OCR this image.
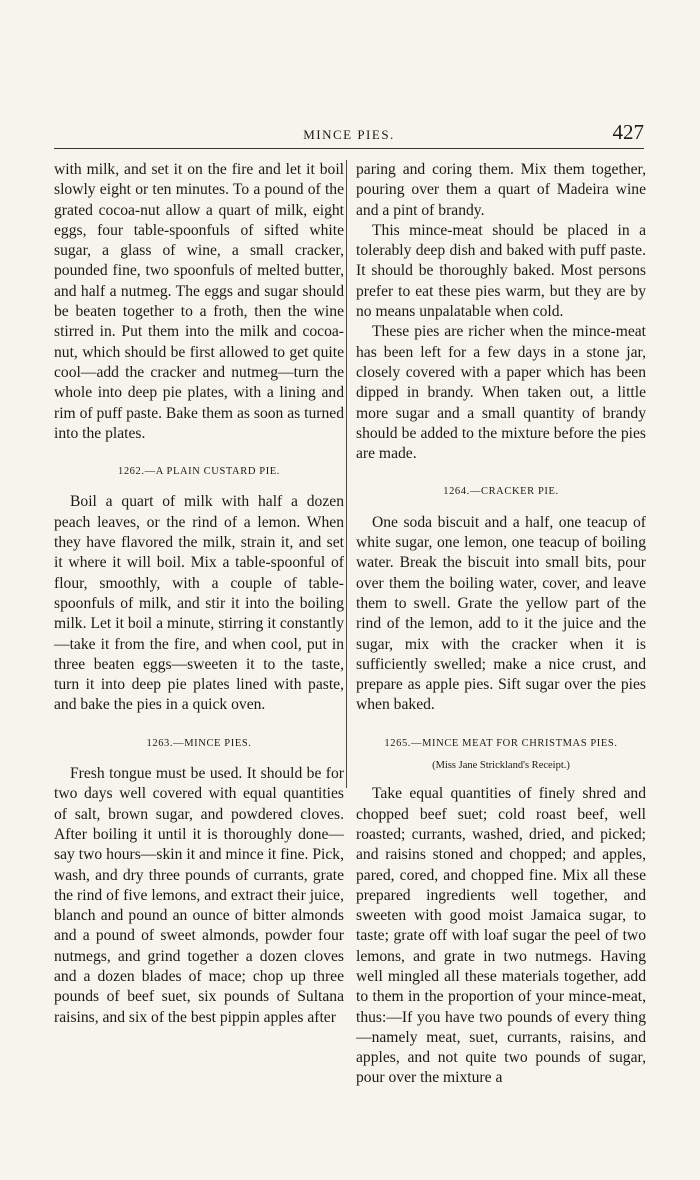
MINCE PIES.	427

with milk, and set it on the fire and let it boil slowly eight or ten minutes. To a pound of the grated cocoa-nut allow a quart of milk, eight eggs, four table-spoonfuls of sifted white sugar, a glass of wine, a small cracker, pounded fine, two spoonfuls of melted butter, and half a nutmeg. The eggs and sugar should be beaten together to a froth, then the wine stirred in. Put them into the milk and cocoa-nut, which should be first allowed to get quite cool—add the cracker and nutmeg—turn the whole into deep pie plates, with a lining and rim of puff paste. Bake them as soon as turned into the plates.

1262.—A PLAIN CUSTARD PIE.

Boil a quart of milk with half a dozen peach leaves, or the rind of a lemon. When they have flavored the milk, strain it, and set it where it will boil. Mix a table-spoonful of flour, smoothly, with a couple of table-spoonfuls of milk, and stir it into the boiling milk. Let it boil a minute, stirring it constantly—take it from the fire, and when cool, put in three beaten eggs—sweeten it to the taste, turn it into deep pie plates lined with paste, and bake the pies in a quick oven.

1263.—MINCE PIES.

Fresh tongue must be used. It should be for two days well covered with equal quantities of salt, brown sugar, and powdered cloves. After boiling it until it is thoroughly done—say two hours—skin it and mince it fine. Pick, wash, and dry three pounds of currants, grate the rind of five lemons, and extract their juice, blanch and pound an ounce of bitter almonds and a pound of sweet almonds, powder four nutmegs, and grind together a dozen cloves and a dozen blades of mace; chop up three pounds of beef suet, six pounds of Sultana raisins, and six of the best pippin apples after

paring and coring them. Mix them together, pouring over them a quart of Madeira wine and a pint of brandy.

This mince-meat should be placed in a tolerably deep dish and baked with puff paste. It should be thoroughly baked. Most persons prefer to eat these pies warm, but they are by no means unpalatable when cold.

These pies are richer when the mince-meat has been left for a few days in a stone jar, closely covered with a paper which has been dipped in brandy. When taken out, a little more sugar and a small quantity of brandy should be added to the mixture before the pies are made.

1264.—CRACKER PIE.

One soda biscuit and a half, one teacup of white sugar, one lemon, one teacup of boiling water. Break the biscuit into small bits, pour over them the boiling water, cover, and leave them to swell. Grate the yellow part of the rind of the lemon, add to it the juice and the sugar, mix with the cracker when it is sufficiently swelled; make a nice crust, and prepare as apple pies. Sift sugar over the pies when baked.

1265.—MINCE MEAT FOR CHRISTMAS PIES.
(Miss Jane Strickland's Receipt.)

Take equal quantities of finely shred and chopped beef suet; cold roast beef, well roasted; currants, washed, dried, and picked; and raisins stoned and chopped; and apples, pared, cored, and chopped fine. Mix all these prepared ingredients well together, and sweeten with good moist Jamaica sugar, to taste; grate off with loaf sugar the peel of two lemons, and grate in two nutmegs. Having well mingled all these materials together, add to them in the proportion of your mince-meat, thus:—If you have two pounds of every thing—namely meat, suet, currants, raisins, and apples, and not quite two pounds of sugar, pour over the mixture a
